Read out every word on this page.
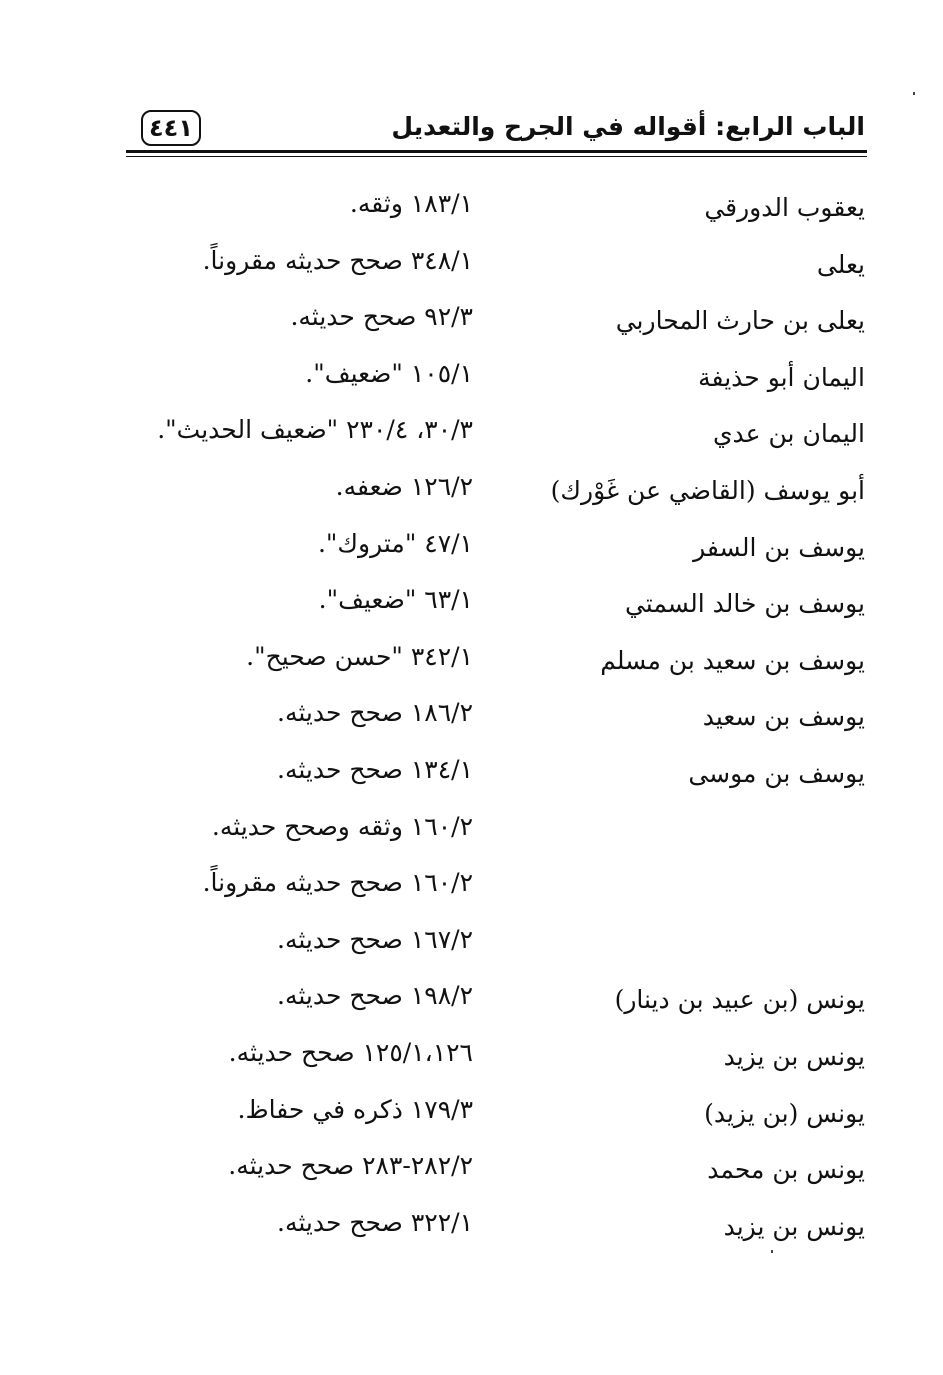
٤٤١	الباب الرابع: أقواله في الجرح والتعديل
يعقوب الدورقي
١٨٣/١ وثقه.
يعلى
٣٤٨/١ صحح حديثه مقروناً.
يعلى بن حارث المحاربي
٩٢/٣ صحح حديثه.
اليمان أبو حذيفة
١٠٥/١ "ضعيف".
اليمان بن عدي
٣٠/٣، ٢٣٠/٤ "ضعيف الحديث".
أبو يوسف (القاضي عن غَوْرك)
١٢٦/٢ ضعفه.
يوسف بن السفر
٤٧/١ "متروك".
يوسف بن خالد السمتي
٦٣/١ "ضعيف".
يوسف بن سعيد بن مسلم
٣٤٢/١ "حسن صحيح".
يوسف بن سعيد
١٨٦/٢ صحح حديثه.
يوسف بن موسى
١٣٤/١ صحح حديثه.
١٦٠/٢ وثقه وصحح حديثه.
١٦٠/٢ صحح حديثه مقروناً.
١٦٧/٢ صحح حديثه.
يونس (بن عبيد بن دينار)
١٩٨/٢ صحح حديثه.
يونس بن يزيد
١٢٥/١،١٢٦ صحح حديثه.
يونس (بن يزيد)
١٧٩/٣ ذكره في حفاظ.
يونس بن محمد
٢٨٢/٢-٢٨٣ صحح حديثه.
يونس بن يزيد
٣٢٢/١ صحح حديثه.
